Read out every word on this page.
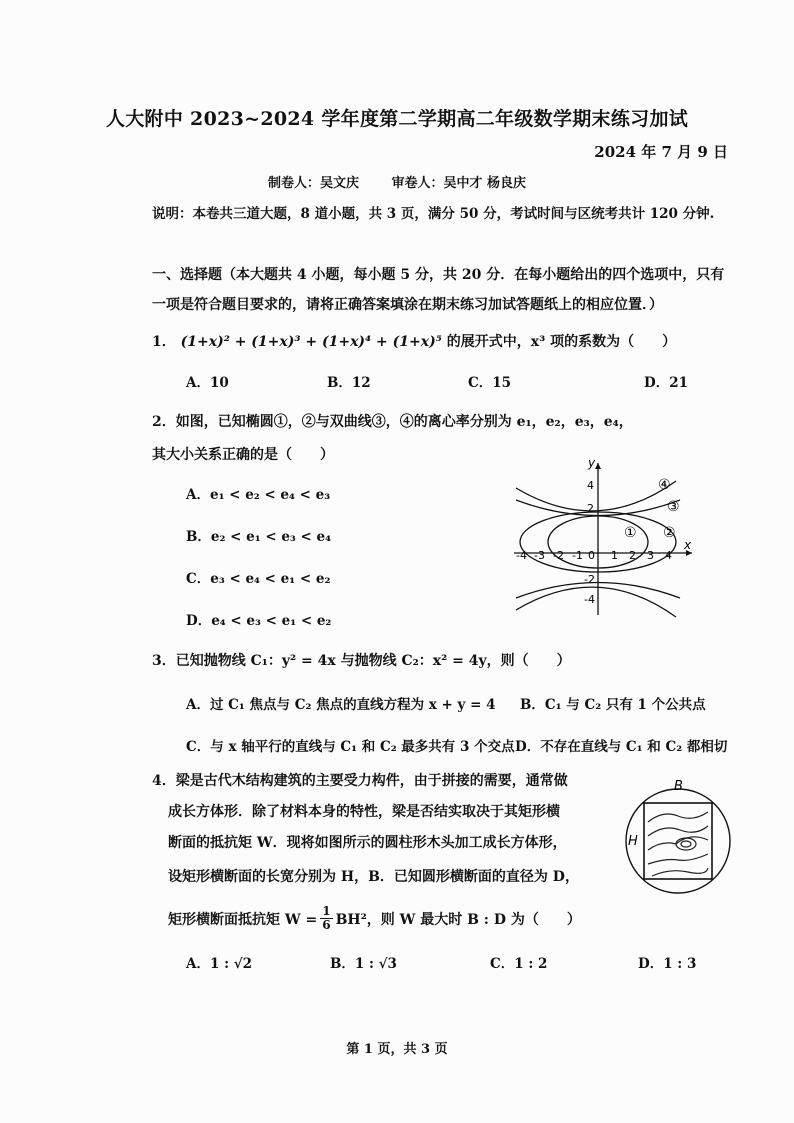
人大附中 2023~2024 学年度第二学期高二年级数学期末练习加试
2024 年 7 月 9 日
制卷人：吴文庆	审卷人：吴中才 杨良庆
说明：本卷共三道大题，8 道小题，共 3 页，满分 50 分，考试时间与区统考共计 120 分钟.
一、选择题（本大题共 4 小题，每小题 5 分，共 20 分．在每小题给出的四个选项中，只有
一项是符合题目要求的，请将正确答案填涂在期末练习加试答题纸上的相应位置．）
1． (1+x)² + (1+x)³ + (1+x)⁴ + (1+x)⁵ 的展开式中，x³ 项的系数为（　　）
A．10	B．12	C．15	D．21
2．如图，已知椭圆①，②与双曲线③，④的离心率分别为 e₁，e₂，e₃，e₄，
其大小关系正确的是（　　）
A．e₁ < e₂ < e₄ < e₃
B．e₂ < e₁ < e₃ < e₄
C．e₃ < e₄ < e₁ < e₂
D．e₄ < e₃ < e₁ < e₂
x
y
-4 -3 -2 -1 0 1 2 3 4
4
2
-2
-4
④
③
① ②
3．已知抛物线 C₁：y² = 4x 与抛物线 C₂：x² = 4y，则（　　）
A．过 C₁ 焦点与 C₂ 焦点的直线方程为 x + y = 4 B．C₁ 与 C₂ 只有 1 个公共点
C．与 x 轴平行的直线与 C₁ 和 C₂ 最多共有 3 个交点 D．不存在直线与 C₁ 和 C₂ 都相切
4．梁是古代木结构建筑的主要受力构件，由于拼接的需要，通常做
成长方体形．除了材料本身的特性，梁是否结实取决于其矩形横
断面的抵抗矩 W．现将如图所示的圆柱形木头加工成长方体形，
设矩形横断面的长宽分别为 H，B．已知圆形横断面的直径为 D，
矩形横断面抵抗矩 $W = \frac{1}{6} BH^2$，则 W 最大时 B : D 为（　　）
A．1 : √2	B．1 : √3	C．1 : 2	D．1 : 3
B
H
第 1 页，共 3 页
